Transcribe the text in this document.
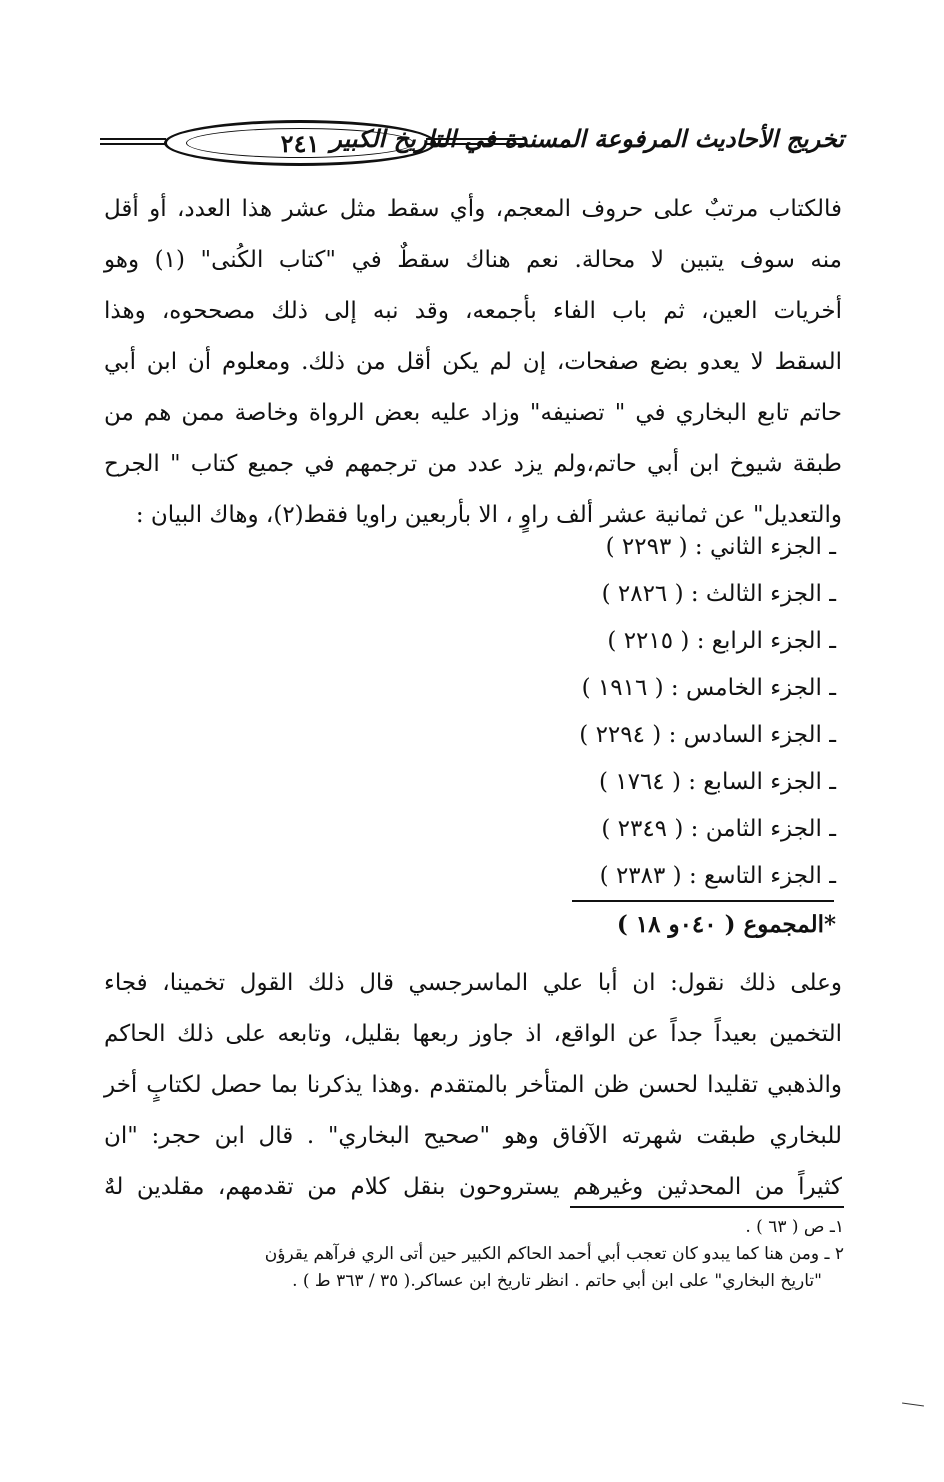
٢٤١ تخريج الأحاديث المرفوعة المسندة في التاريخ الكبير
فالكتاب مرتبٌ على حروف المعجم، وأي سقط مثل عشر هذا العدد، أو أقل
منه سوف يتبين لا محالة. نعم هناك سقطٌ في "كتاب الكُنى" (١) وهو
أخريات العين، ثم باب الفاء بأجمعه، وقد نبه إلى ذلك مصححوه، وهذا
السقط لا يعدو بضع صفحات، إن لم يكن أقل من ذلك. ومعلوم أن ابن أبي
حاتم تابع البخاري في " تصنيفه" وزاد عليه بعض الرواة وخاصة ممن هم من
طبقة شيوخ ابن أبي حاتم،ولم يزد عدد من ترجمهم في جميع كتاب " الجرح
والتعديل" عن ثمانية عشر ألف راوٍ ، الا بأربعين راويا فقط(٢)، وهاك البيان :
ـ الجزء الثاني : ( ٢٢٩٣ )
ـ الجزء الثالث : ( ٢٨٢٦ )
ـ الجزء الرابع : ( ٢٢١٥ )
ـ الجزء الخامس : ( ١٩١٦ )
ـ الجزء السادس : ( ٢٢٩٤ )
ـ الجزء السابع : ( ١٧٦٤ )
ـ الجزء الثامن : ( ٢٣٤٩ )
ـ الجزء التاسع : ( ٢٣٨٣ )
*المجموع ( ٠٤٠و ١٨ )
وعلى ذلك نقول: ان أبا علي الماسرجسي قال ذلك القول تخمينا، فجاء
التخمين بعيداً جداً عن الواقع، اذ جاوز ربعها بقليل، وتابعه على ذلك الحاكم
والذهبي تقليدا لحسن ظن المتأخر بالمتقدم .وهذا يذكرنا بما حصل لكتابٍ أخر
للبخاري طبقت شهرته الآفاق وهو "صحيح البخاري" . قال ابن حجر: "ان
كثيراً من المحدثين وغيرهم يستروحون بنقل كلام من تقدمهم، مقلدين لهٌ
١ـ ص ( ٦٣ ) .
٢ ـ ومن هنا كما يبدو كان تعجب أبي أحمد الحاكم الكبير حين أتى الري فرآهم يقرؤن
"تاريخ البخاري" على ابن أبي حاتم . انظر تاريخ ابن عساكر.( ٣٥ / ٣٦٣ ط ) .
